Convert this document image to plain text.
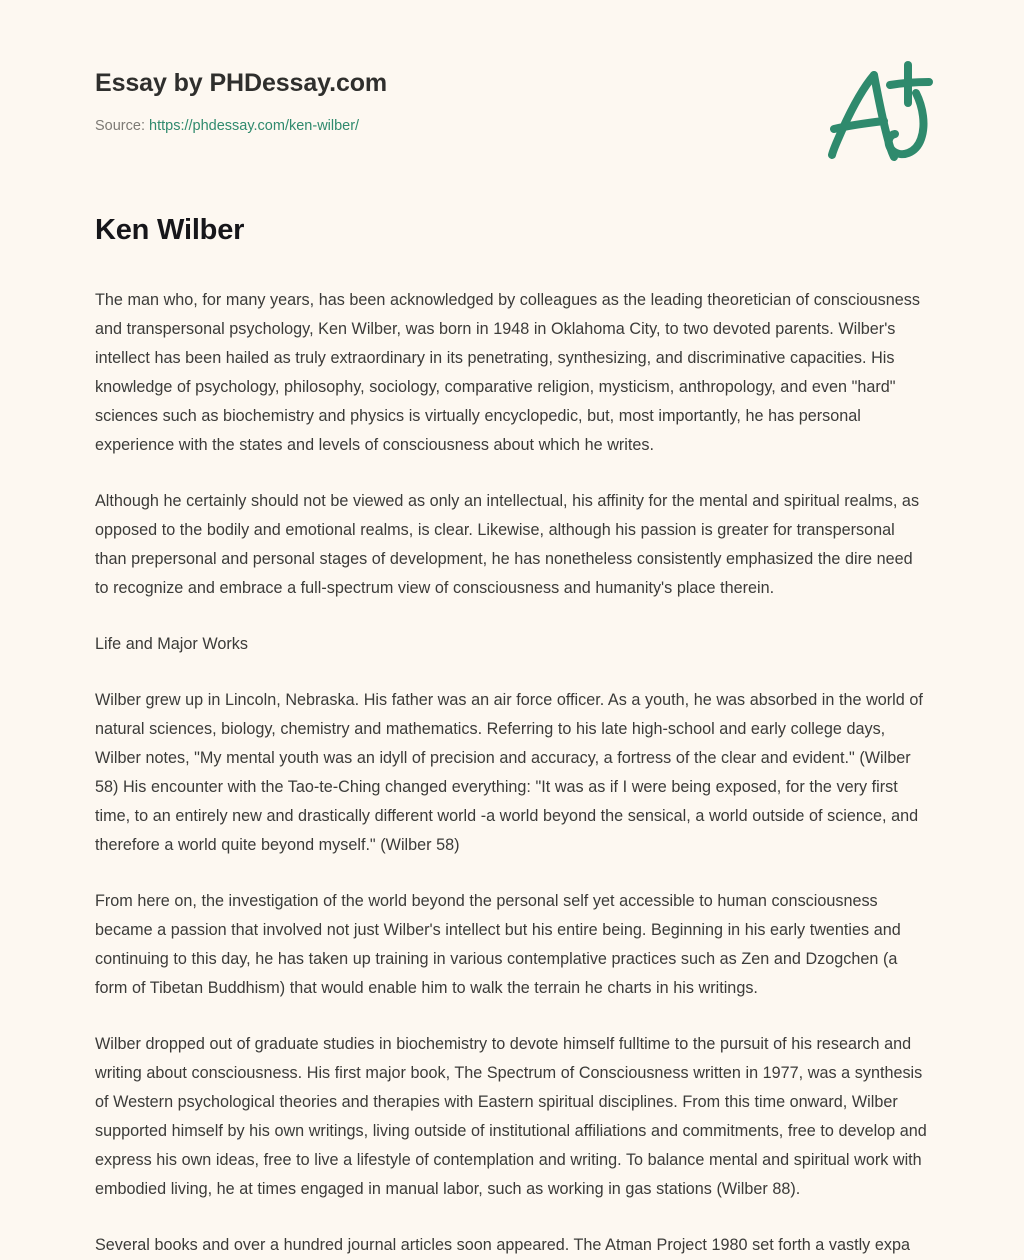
Essay by PHDessay.com
Source: https://phdessay.com/ken-wilber/
Ken Wilber

The man who, for many years, has been acknowledged by colleagues as the leading theoretician of consciousness and transpersonal psychology, Ken Wilber, was born in 1948 in Oklahoma City, to two devoted parents. Wilber's intellect has been hailed as truly extraordinary in its penetrating, synthesizing, and discriminative capacities. His knowledge of psychology, philosophy, sociology, comparative religion, mysticism, anthropology, and even "hard" sciences such as biochemistry and physics is virtually encyclopedic, but, most importantly, he has personal experience with the states and levels of consciousness about which he writes.

Although he certainly should not be viewed as only an intellectual, his affinity for the mental and spiritual realms, as opposed to the bodily and emotional realms, is clear. Likewise, although his passion is greater for transpersonal than prepersonal and personal stages of development, he has nonetheless consistently emphasized the dire need to recognize and embrace a full-spectrum view of consciousness and humanity's place therein.

Life and Major Works

Wilber grew up in Lincoln, Nebraska. His father was an air force officer. As a youth, he was absorbed in the world of natural sciences, biology, chemistry and mathematics. Referring to his late high-school and early college days, Wilber notes, "My mental youth was an idyll of precision and accuracy, a fortress of the clear and evident." (Wilber 58) His encounter with the Tao-te-Ching changed everything: "It was as if I were being exposed, for the very first time, to an entirely new and drastically different world -a world beyond the sensical, a world outside of science, and therefore a world quite beyond myself." (Wilber 58)

From here on, the investigation of the world beyond the personal self yet accessible to human consciousness became a passion that involved not just Wilber's intellect but his entire being. Beginning in his early twenties and continuing to this day, he has taken up training in various contemplative practices such as Zen and Dzogchen (a form of Tibetan Buddhism) that would enable him to walk the terrain he charts in his writings.

Wilber dropped out of graduate studies in biochemistry to devote himself fulltime to the pursuit of his research and writing about consciousness. His first major book, The Spectrum of Consciousness written in 1977, was a synthesis of Western psychological theories and therapies with Eastern spiritual disciplines. From this time onward, Wilber supported himself by his own writings, living outside of institutional affiliations and commitments, free to develop and express his own ideas, free to live a lifestyle of contemplation and writing. To balance mental and spiritual work with embodied living, he at times engaged in manual labor, such as working in gas stations (Wilber 88).

Several books and over a hundred journal articles soon appeared. The Atman Project 1980 set forth a vastly expa
